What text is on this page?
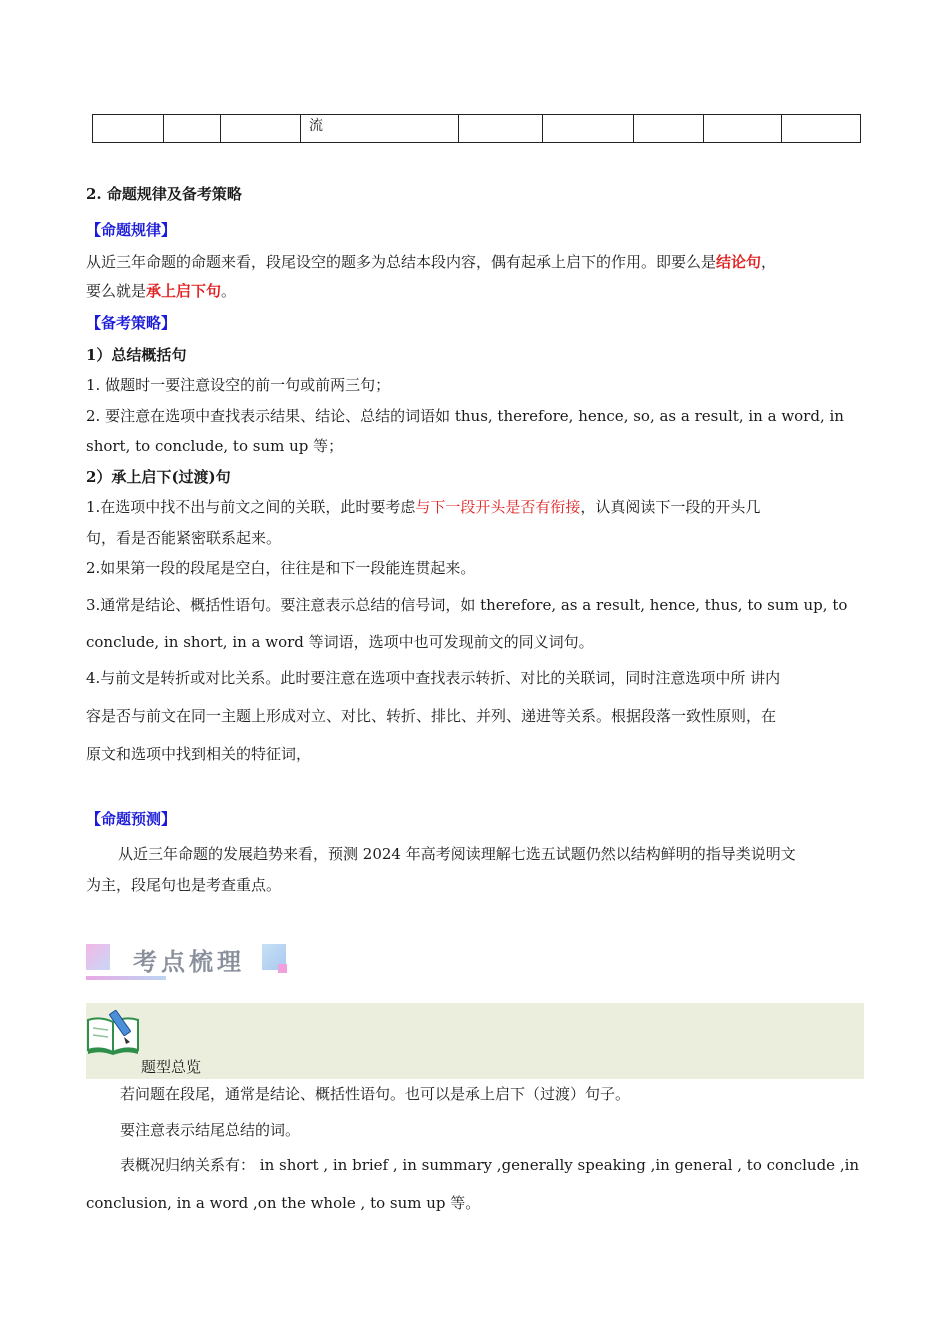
			流					
2. 命题规律及备考策略
【命题规律】
从近三年命题的命题来看，段尾设空的题多为总结本段内容，偶有起承上启下的作用。即要么是结论句，
要么就是承上启下句。
【备考策略】
1）总结概括句
1. 做题时一要注意设空的前一句或前两三句；
2. 要注意在选项中查找表示结果、结论、总结的词语如 thus, therefore, hence, so, as a result, in a word, in
short, to conclude, to sum up 等；
2）承上启下(过渡)句
1.在选项中找不出与前文之间的关联，此时要考虑与下一段开头是否有衔接，认真阅读下一段的开头几
句，看是否能紧密联系起来。
2.如果第一段的段尾是空白，往往是和下一段能连贯起来。
3.通常是结论、概括性语句。要注意表示总结的信号词，如 therefore, as a result, hence, thus, to sum up, to
conclude, in short, in a word 等词语，选项中也可发现前文的同义词句。
4.与前文是转折或对比关系。此时要注意在选项中查找表示转折、对比的关联词，同时注意选项中所 讲内
容是否与前文在同一主题上形成对立、对比、转折、排比、并列、递进等关系。根据段落一致性原则，在
原文和选项中找到相关的特征词，
【命题预测】
从近三年命题的发展趋势来看，预测 2024 年高考阅读理解七选五试题仍然以结构鲜明的指导类说明文
为主，段尾句也是考查重点。
考点梳理
题型总览
若问题在段尾，通常是结论、概括性语句。也可以是承上启下（过渡）句子。
要注意表示结尾总结的词。
表概况归纳关系有： in short , in brief , in summary ,generally speaking ,in general , to conclude ,in
conclusion, in a word ,on the whole , to sum up 等。
